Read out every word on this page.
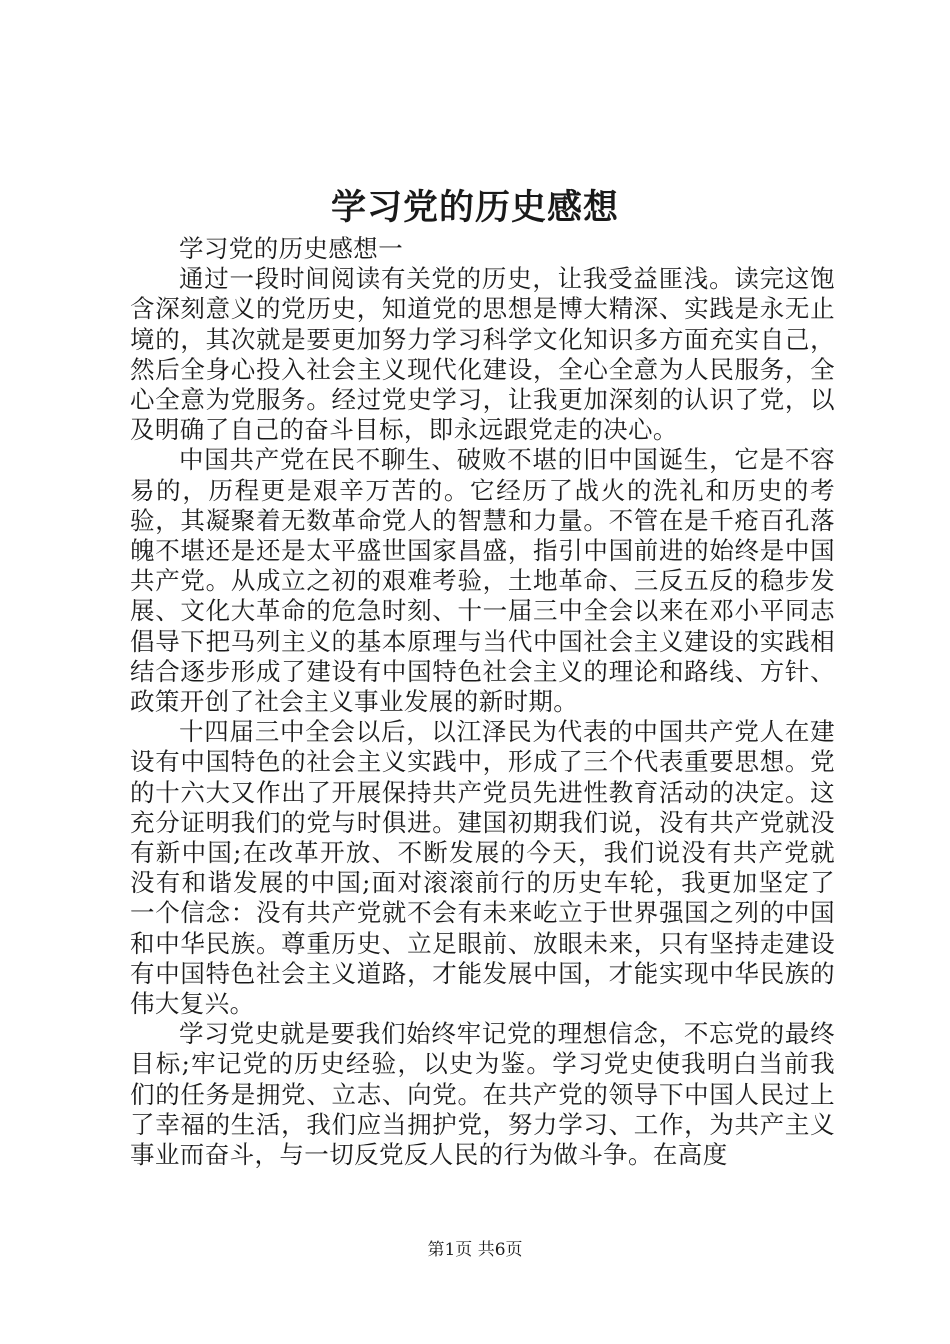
学习党的历史感想

学习党的历史感想一

通过一段时间阅读有关党的历史，让我受益匪浅。读完这饱含深刻意义的党历史，知道党的思想是博大精深、实践是永无止境的，其次就是要更加努力学习科学文化知识多方面充实自己，然后全身心投入社会主义现代化建设，全心全意为人民服务，全心全意为党服务。经过党史学习，让我更加深刻的认识了党，以及明确了自己的奋斗目标，即永远跟党走的决心。

中国共产党在民不聊生、破败不堪的旧中国诞生，它是不容易的，历程更是艰辛万苦的。它经历了战火的洗礼和历史的考验，其凝聚着无数革命党人的智慧和力量。不管在是千疮百孔落魄不堪还是还是太平盛世国家昌盛，指引中国前进的始终是中国共产党。从成立之初的艰难考验，土地革命、三反五反的稳步发展、文化大革命的危急时刻、十一届三中全会以来在邓小平同志倡导下把马列主义的基本原理与当代中国社会主义建设的实践相结合逐步形成了建设有中国特色社会主义的理论和路线、方针、政策开创了社会主义事业发展的新时期。

十四届三中全会以后，以江泽民为代表的中国共产党人在建设有中国特色的社会主义实践中，形成了三个代表重要思想。党的十六大又作出了开展保持共产党员先进性教育活动的决定。这充分证明我们的党与时俱进。建国初期我们说，没有共产党就没有新中国;在改革开放、不断发展的今天，我们说没有共产党就没有和谐发展的中国;面对滚滚前行的历史车轮，我更加坚定了一个信念：没有共产党就不会有未来屹立于世界强国之列的中国和中华民族。尊重历史、立足眼前、放眼未来，只有坚持走建设有中国特色社会主义道路，才能发展中国，才能实现中华民族的伟大复兴。

学习党史就是要我们始终牢记党的理想信念，不忘党的最终目标;牢记党的历史经验，以史为鉴。学习党史使我明白当前我们的任务是拥党、立志、向党。在共产党的领导下中国人民过上了幸福的生活，我们应当拥护党，努力学习、工作，为共产主义事业而奋斗，与一切反党反人民的行为做斗争。在高度

第1页 共6页
